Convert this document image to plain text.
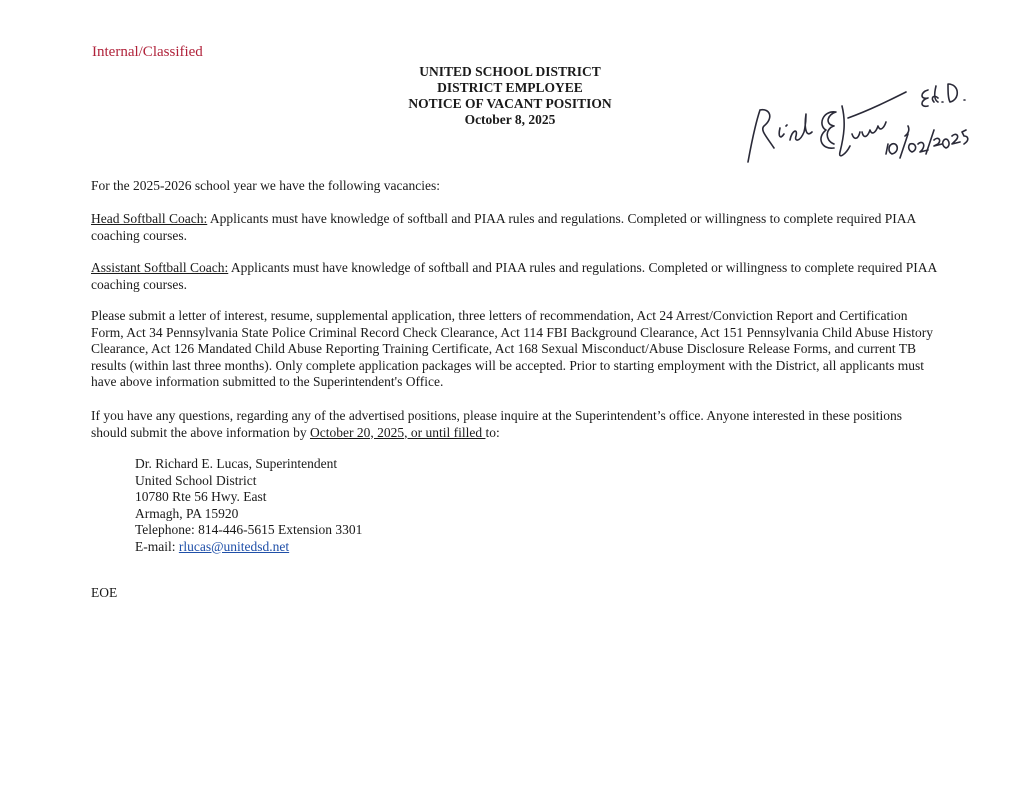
Internal/Classified
UNITED SCHOOL DISTRICT
DISTRICT EMPLOYEE
NOTICE OF VACANT POSITION
October 8, 2025
For the 2025-2026 school year we have the following vacancies:
Head Softball Coach: Applicants must have knowledge of softball and PIAA rules and regulations. Completed or willingness to complete required PIAA coaching courses.
Assistant Softball Coach: Applicants must have knowledge of softball and PIAA rules and regulations. Completed or willingness to complete required PIAA coaching courses.
Please submit a letter of interest, resume, supplemental application, three letters of recommendation, Act 24 Arrest/Conviction Report and Certification Form, Act 34 Pennsylvania State Police Criminal Record Check Clearance, Act 114 FBI Background Clearance, Act 151 Pennsylvania Child Abuse History Clearance, Act 126 Mandated Child Abuse Reporting Training Certificate, Act 168 Sexual Misconduct/Abuse Disclosure Release Forms, and current TB results (within last three months). Only complete application packages will be accepted. Prior to starting employment with the District, all applicants must have above information submitted to the Superintendent's Office.
If you have any questions, regarding any of the advertised positions, please inquire at the Superintendent’s office. Anyone interested in these positions should submit the above information by October 20, 2025, or until filled to:
Dr. Richard E. Lucas, Superintendent
United School District
10780 Rte 56 Hwy. East
Armagh, PA 15920
Telephone: 814-446-5615 Extension 3301
E-mail: rlucas@unitedsd.net
EOE
